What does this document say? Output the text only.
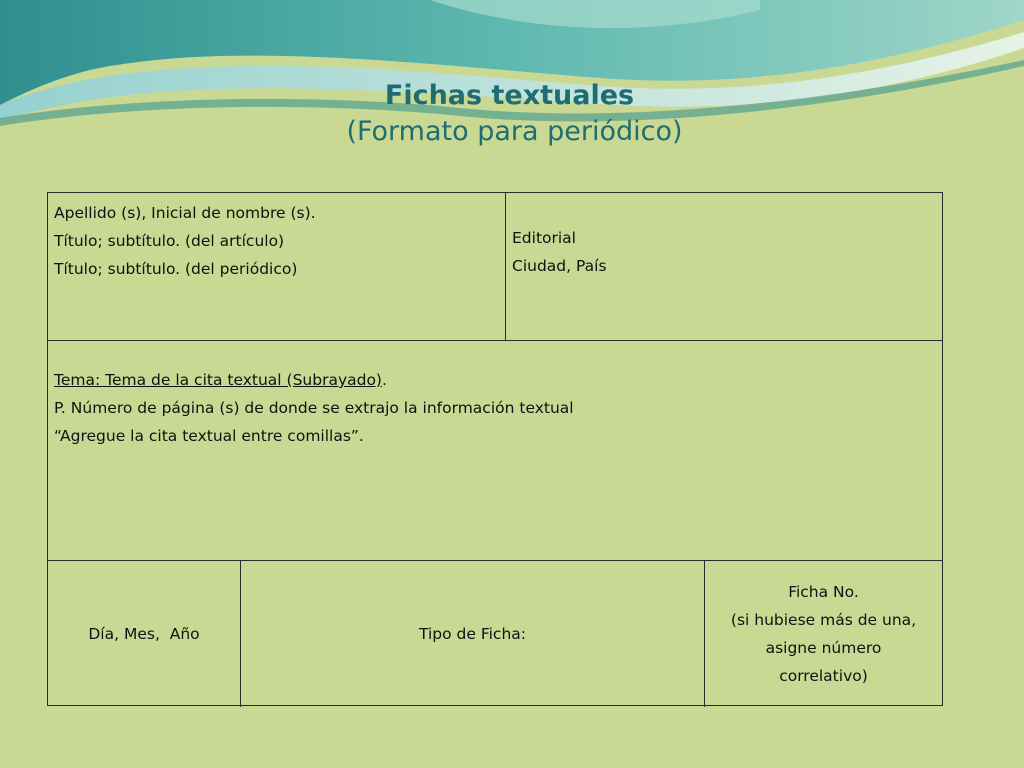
Fichas textuales
(Formato para periódico)
Apellido (s), Inicial de nombre (s).
Título; subtítulo. (del artículo)
Título; subtítulo. (del periódico)
Editorial
Ciudad, País
Tema: Tema de la cita textual (Subrayado).
P. Número de página (s) de donde se extrajo la información textual
“Agregue la cita textual entre comillas”.
Día, Mes,  Año	Tipo de Ficha:
Ficha No.
(si hubiese más de una,
asigne número
correlativo)
